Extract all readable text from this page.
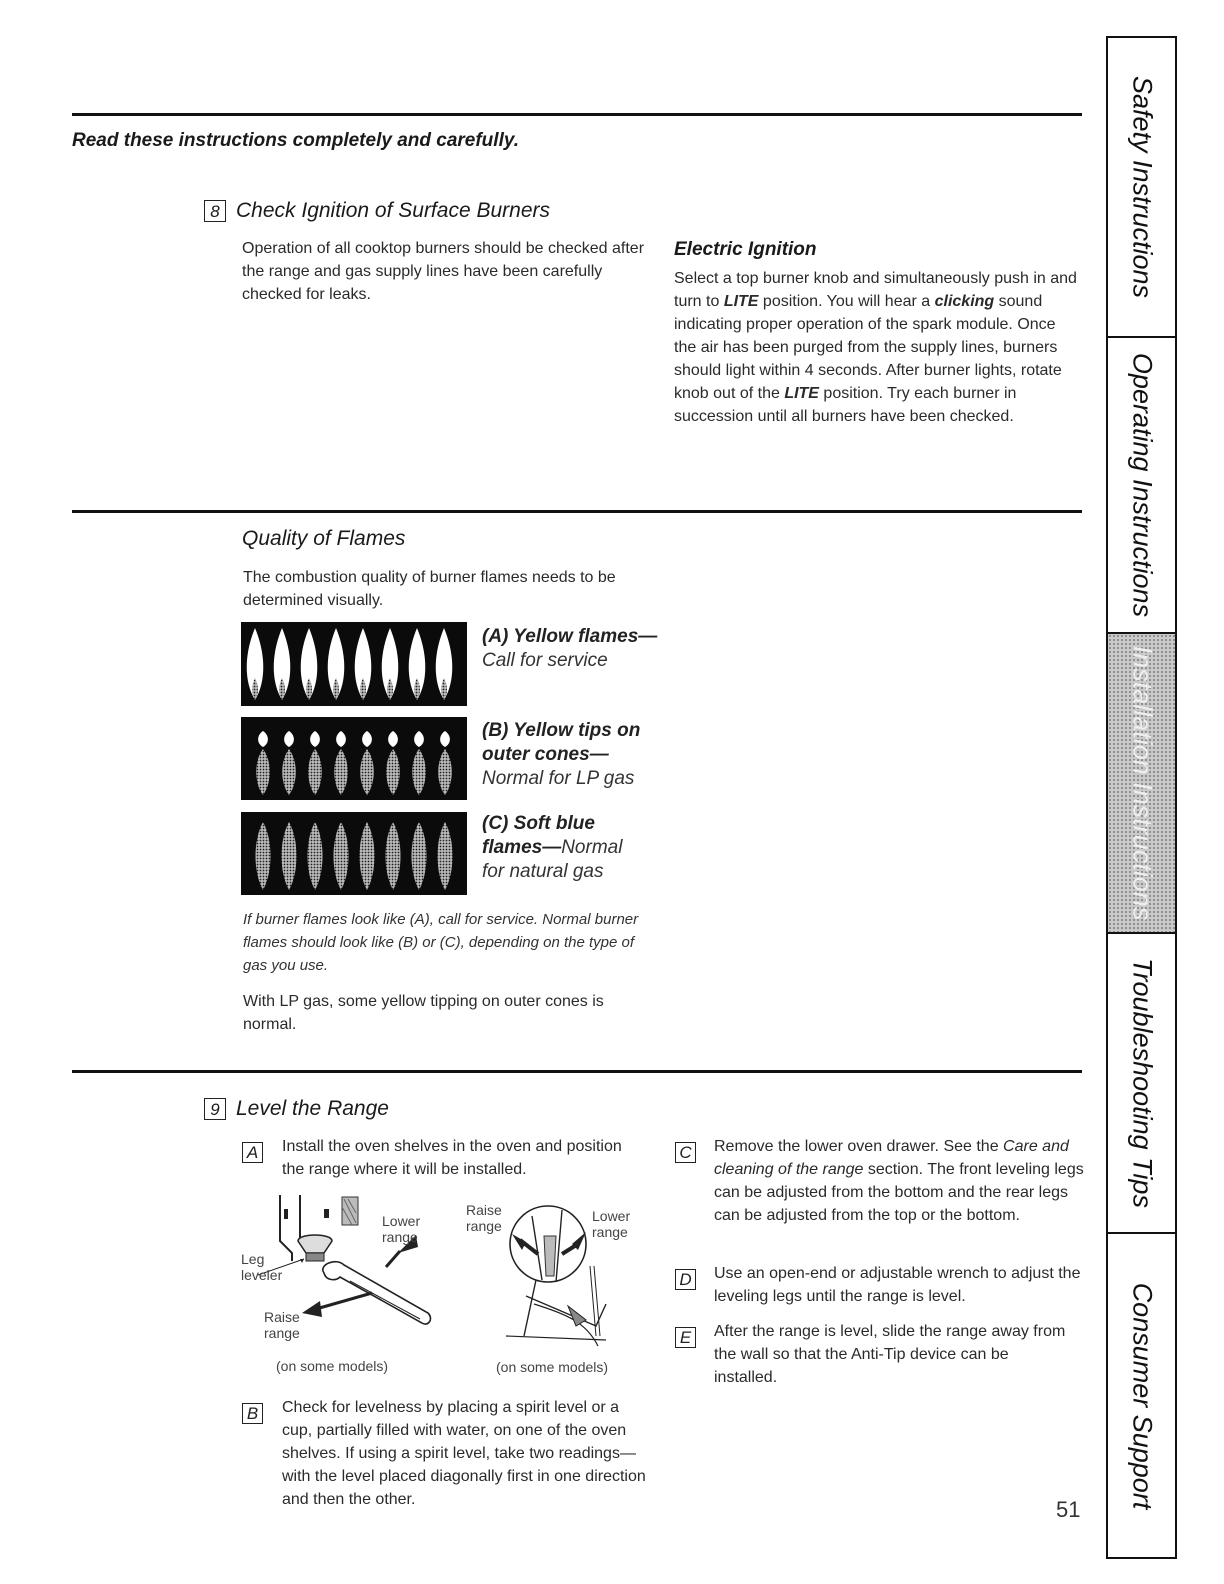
Read these instructions completely and carefully.
8 Check Ignition of Surface Burners
Operation of all cooktop burners should be checked after the range and gas supply lines have been carefully checked for leaks.
Electric Ignition
Select a top burner knob and simultaneously push in and turn to LITE position. You will hear a clicking sound indicating proper operation of the spark module. Once the air has been purged from the supply lines, burners should light within 4 seconds. After burner lights, rotate knob out of the LITE position. Try each burner in succession until all burners have been checked.
Quality of Flames
The combustion quality of burner flames needs to be determined visually.
(A) Yellow flames—
Call for service
(B) Yellow tips on outer cones—
Normal for LP gas
(C) Soft blue flames—Normal for natural gas
If burner flames look like (A), call for service. Normal burner flames should look like (B) or (C), depending on the type of gas you use.
With LP gas, some yellow tipping on outer cones is normal.
9 Level the Range
A	Install the oven shelves in the oven and position the range where it will be installed.
Lower range
Leg leveler
Raise range
(on some models)
Raise range
Lower range
(on some models)
B	Check for levelness by placing a spirit level or a cup, partially filled with water, on one of the oven shelves. If using a spirit level, take two readings—with the level placed diagonally first in one direction and then the other.
C Remove the lower oven drawer. See the Care and cleaning of the range section. The front leveling legs can be adjusted from the bottom and the rear legs can be adjusted from the top or the bottom.
D Use an open-end or adjustable wrench to adjust the leveling legs until the range is level.
E	After the range is level, slide the range away from the wall so that the Anti-Tip device can be installed.
51
Safety Instructions
Operating Instructions
Installation Instructions
Troubleshooting Tips
Consumer Support
